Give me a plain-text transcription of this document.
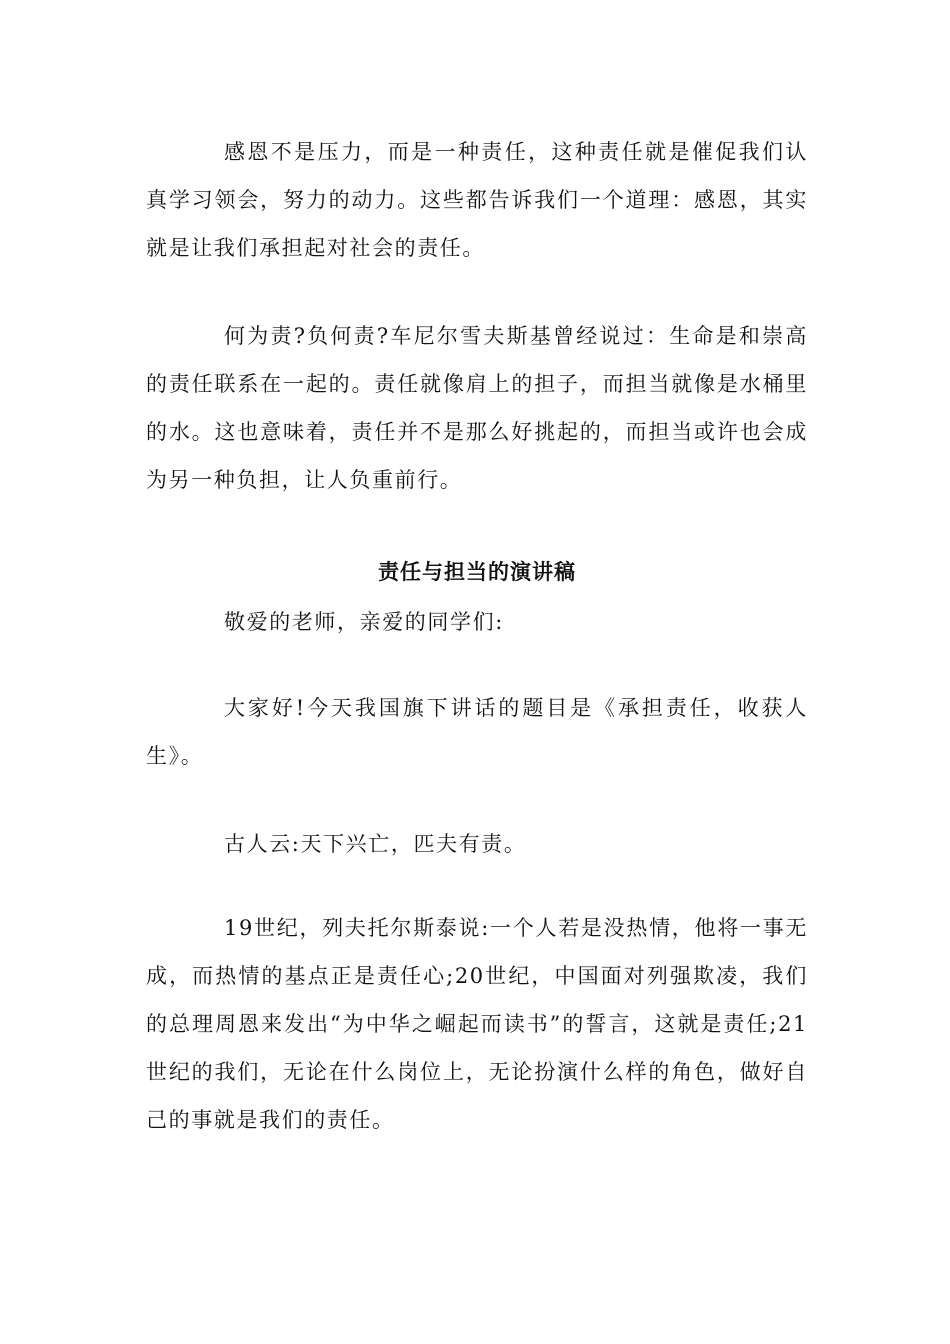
感恩不是压力，而是一种责任，这种责任就是催促我们认真学习领会，努力的动力。这些都告诉我们一个道理：感恩，其实就是让我们承担起对社会的责任。

何为责?负何责?车尼尔雪夫斯基曾经说过：生命是和崇高的责任联系在一起的。责任就像肩上的担子，而担当就像是水桶里的水。这也意味着，责任并不是那么好挑起的，而担当或许也会成为另一种负担，让人负重前行。

责任与担当的演讲稿

敬爱的老师，亲爱的同学们:

大家好!今天我国旗下讲话的题目是《承担责任，收获人生》。

古人云:天下兴亡，匹夫有责。

19世纪，列夫托尔斯泰说:一个人若是没热情，他将一事无成，而热情的基点正是责任心;20世纪，中国面对列强欺凌，我们的总理周恩来发出“为中华之崛起而读书”的誓言，这就是责任;21世纪的我们，无论在什么岗位上，无论扮演什么样的角色，做好自己的事就是我们的责任。
